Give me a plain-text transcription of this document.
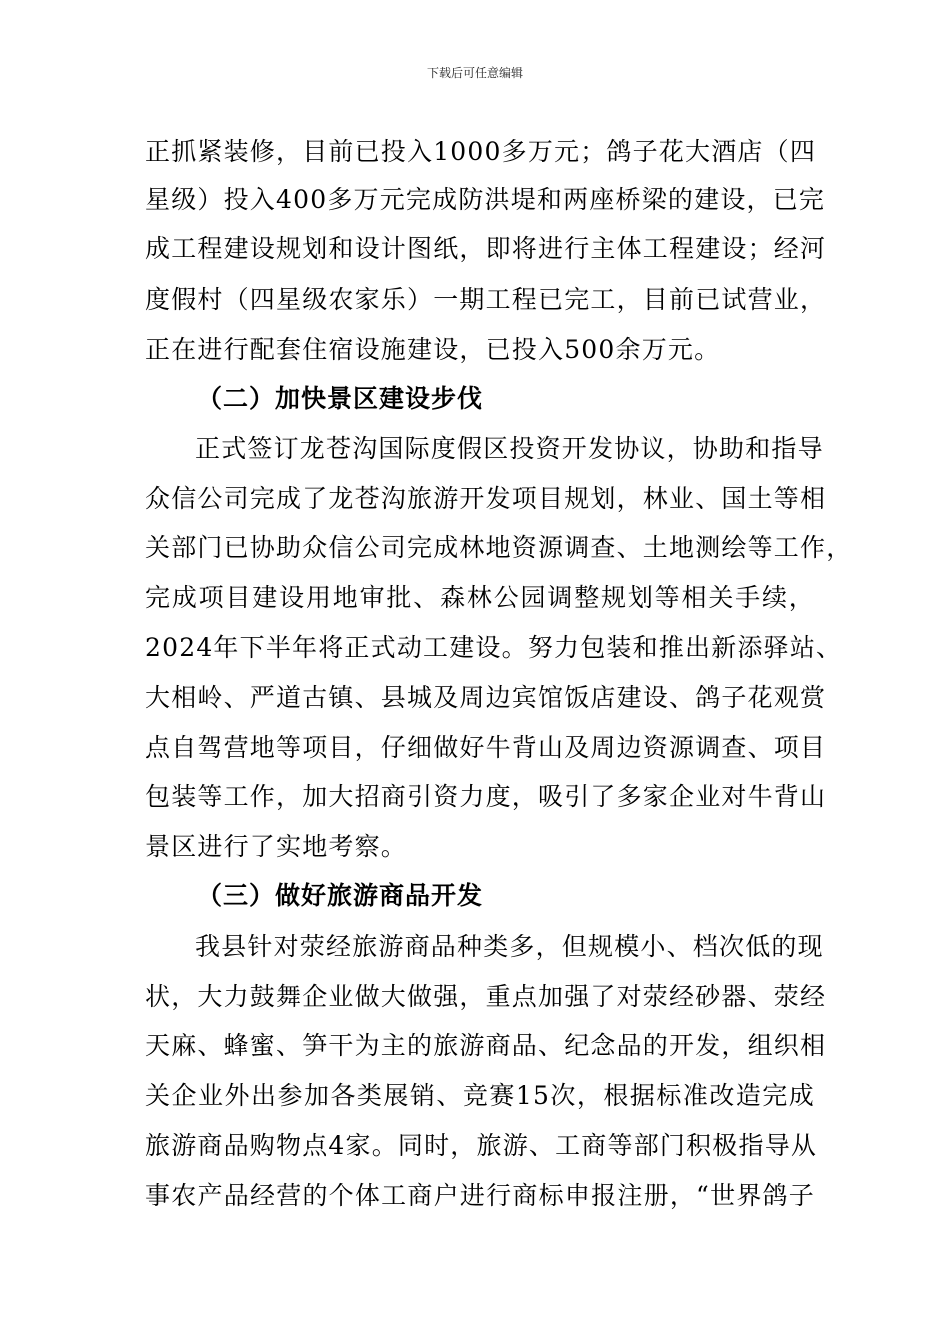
下载后可任意编辑
正抓紧装修，目前已投入1000多万元；鸽子花大酒店（四
星级）投入400多万元完成防洪堤和两座桥梁的建设，已完
成工程建设规划和设计图纸，即将进行主体工程建设；经河
度假村（四星级农家乐）一期工程已完工，目前已试营业，
正在进行配套住宿设施建设，已投入500余万元。
（二）加快景区建设步伐
正式签订龙苍沟国际度假区投资开发协议，协助和指导
众信公司完成了龙苍沟旅游开发项目规划，林业、国土等相
关部门已协助众信公司完成林地资源调查、土地测绘等工作，
完成项目建设用地审批、森林公园调整规划等相关手续，
2024年下半年将正式动工建设。努力包装和推出新添驿站、
大相岭、严道古镇、县城及周边宾馆饭店建设、鸽子花观赏
点自驾营地等项目，仔细做好牛背山及周边资源调查、项目
包装等工作，加大招商引资力度，吸引了多家企业对牛背山
景区进行了实地考察。
（三）做好旅游商品开发
我县针对荥经旅游商品种类多，但规模小、档次低的现
状，大力鼓舞企业做大做强，重点加强了对荥经砂器、荥经
天麻、蜂蜜、笋干为主的旅游商品、纪念品的开发，组织相
关企业外出参加各类展销、竞赛15次，根据标准改造完成
旅游商品购物点4家。同时，旅游、工商等部门积极指导从
事农产品经营的个体工商户进行商标申报注册，“世界鸽子
